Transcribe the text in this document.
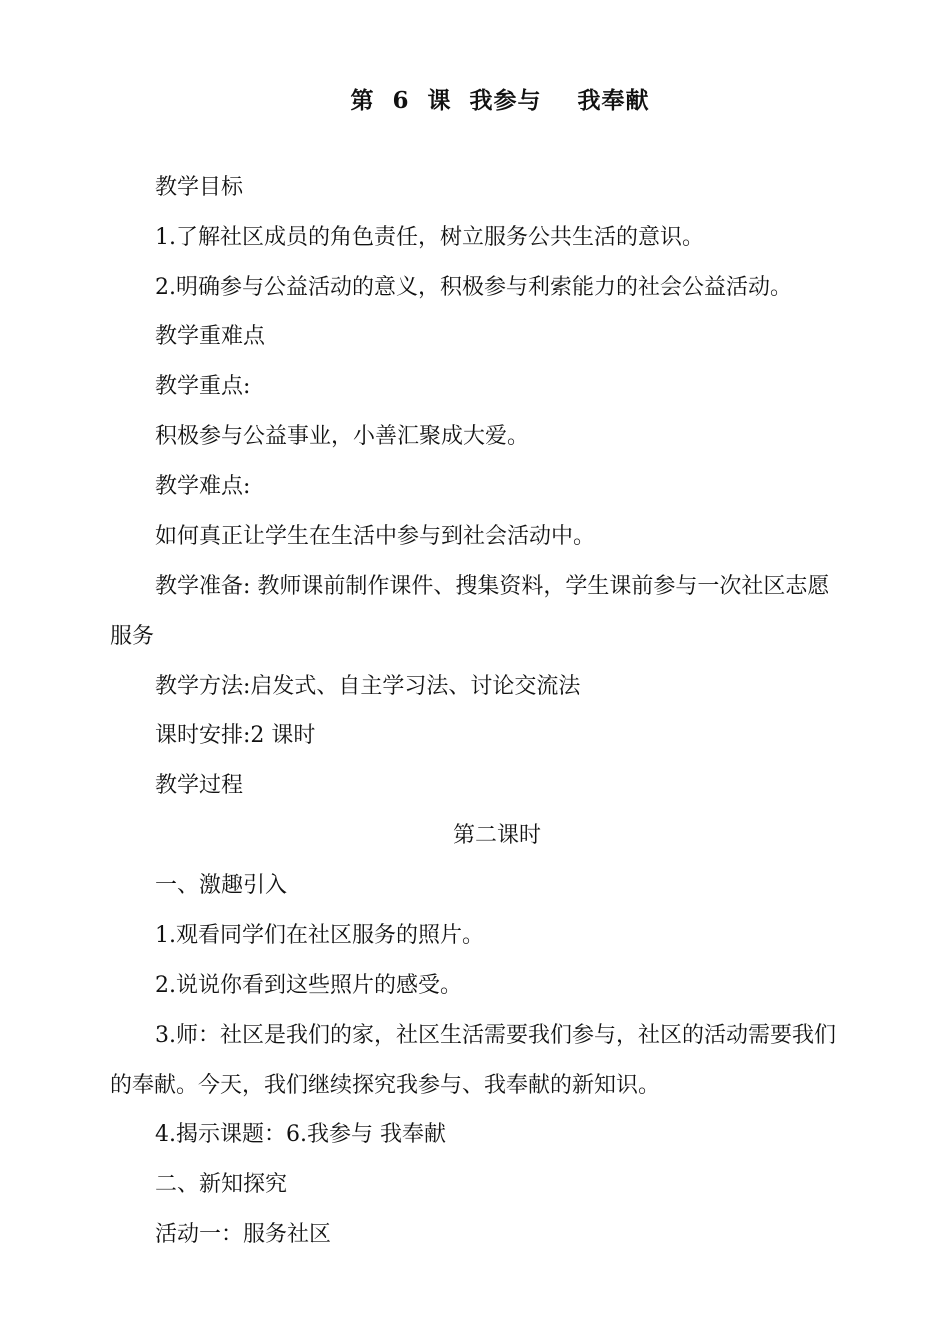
第  6  课  我参与    我奉献
教学目标
1.了解社区成员的角色责任，树立服务公共生活的意识。
2.明确参与公益活动的意义，积极参与利索能力的社会公益活动。
教学重难点
教学重点:
积极参与公益事业，小善汇聚成大爱。
教学难点:
如何真正让学生在生活中参与到社会活动中。
教学准备: 教师课前制作课件、搜集资料，学生课前参与一次社区志愿
服务
教学方法:启发式、自主学习法、讨论交流法
课时安排:2 课时
教学过程
第二课时
一、激趣引入
1.观看同学们在社区服务的照片。
2.说说你看到这些照片的感受。
3.师：社区是我们的家，社区生活需要我们参与，社区的活动需要我们
的奉献。今天，我们继续探究我参与、我奉献的新知识。
4.揭示课题：6.我参与 我奉献
二、新知探究
活动一：服务社区
